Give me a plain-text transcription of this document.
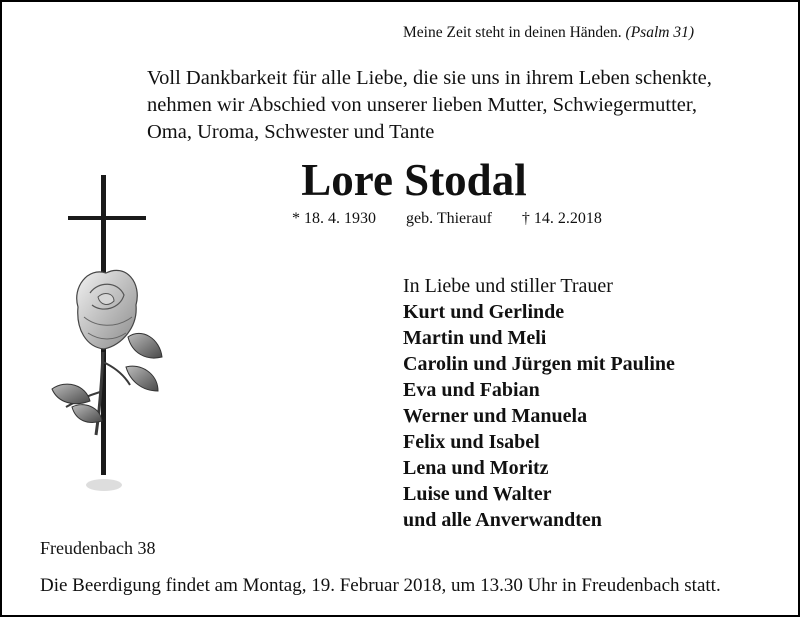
Meine Zeit steht in deinen Händen. (Psalm 31)
Voll Dankbarkeit für alle Liebe, die sie uns in ihrem Leben schenkte,
nehmen wir Abschied von unserer lieben Mutter, Schwiegermutter,
Oma, Uroma, Schwester und Tante
Lore Stodal
* 18. 4. 1930 geb. Thierauf † 14. 2.2018
In Liebe und stiller Trauer
Kurt und Gerlinde
Martin und Meli
Carolin und Jürgen mit Pauline
Eva und Fabian
Werner und Manuela
Felix und Isabel
Lena und Moritz
Luise und Walter
und alle Anverwandten
Freudenbach 38
Die Beerdigung findet am Montag, 19. Februar 2018, um 13.30 Uhr in Freudenbach statt.
